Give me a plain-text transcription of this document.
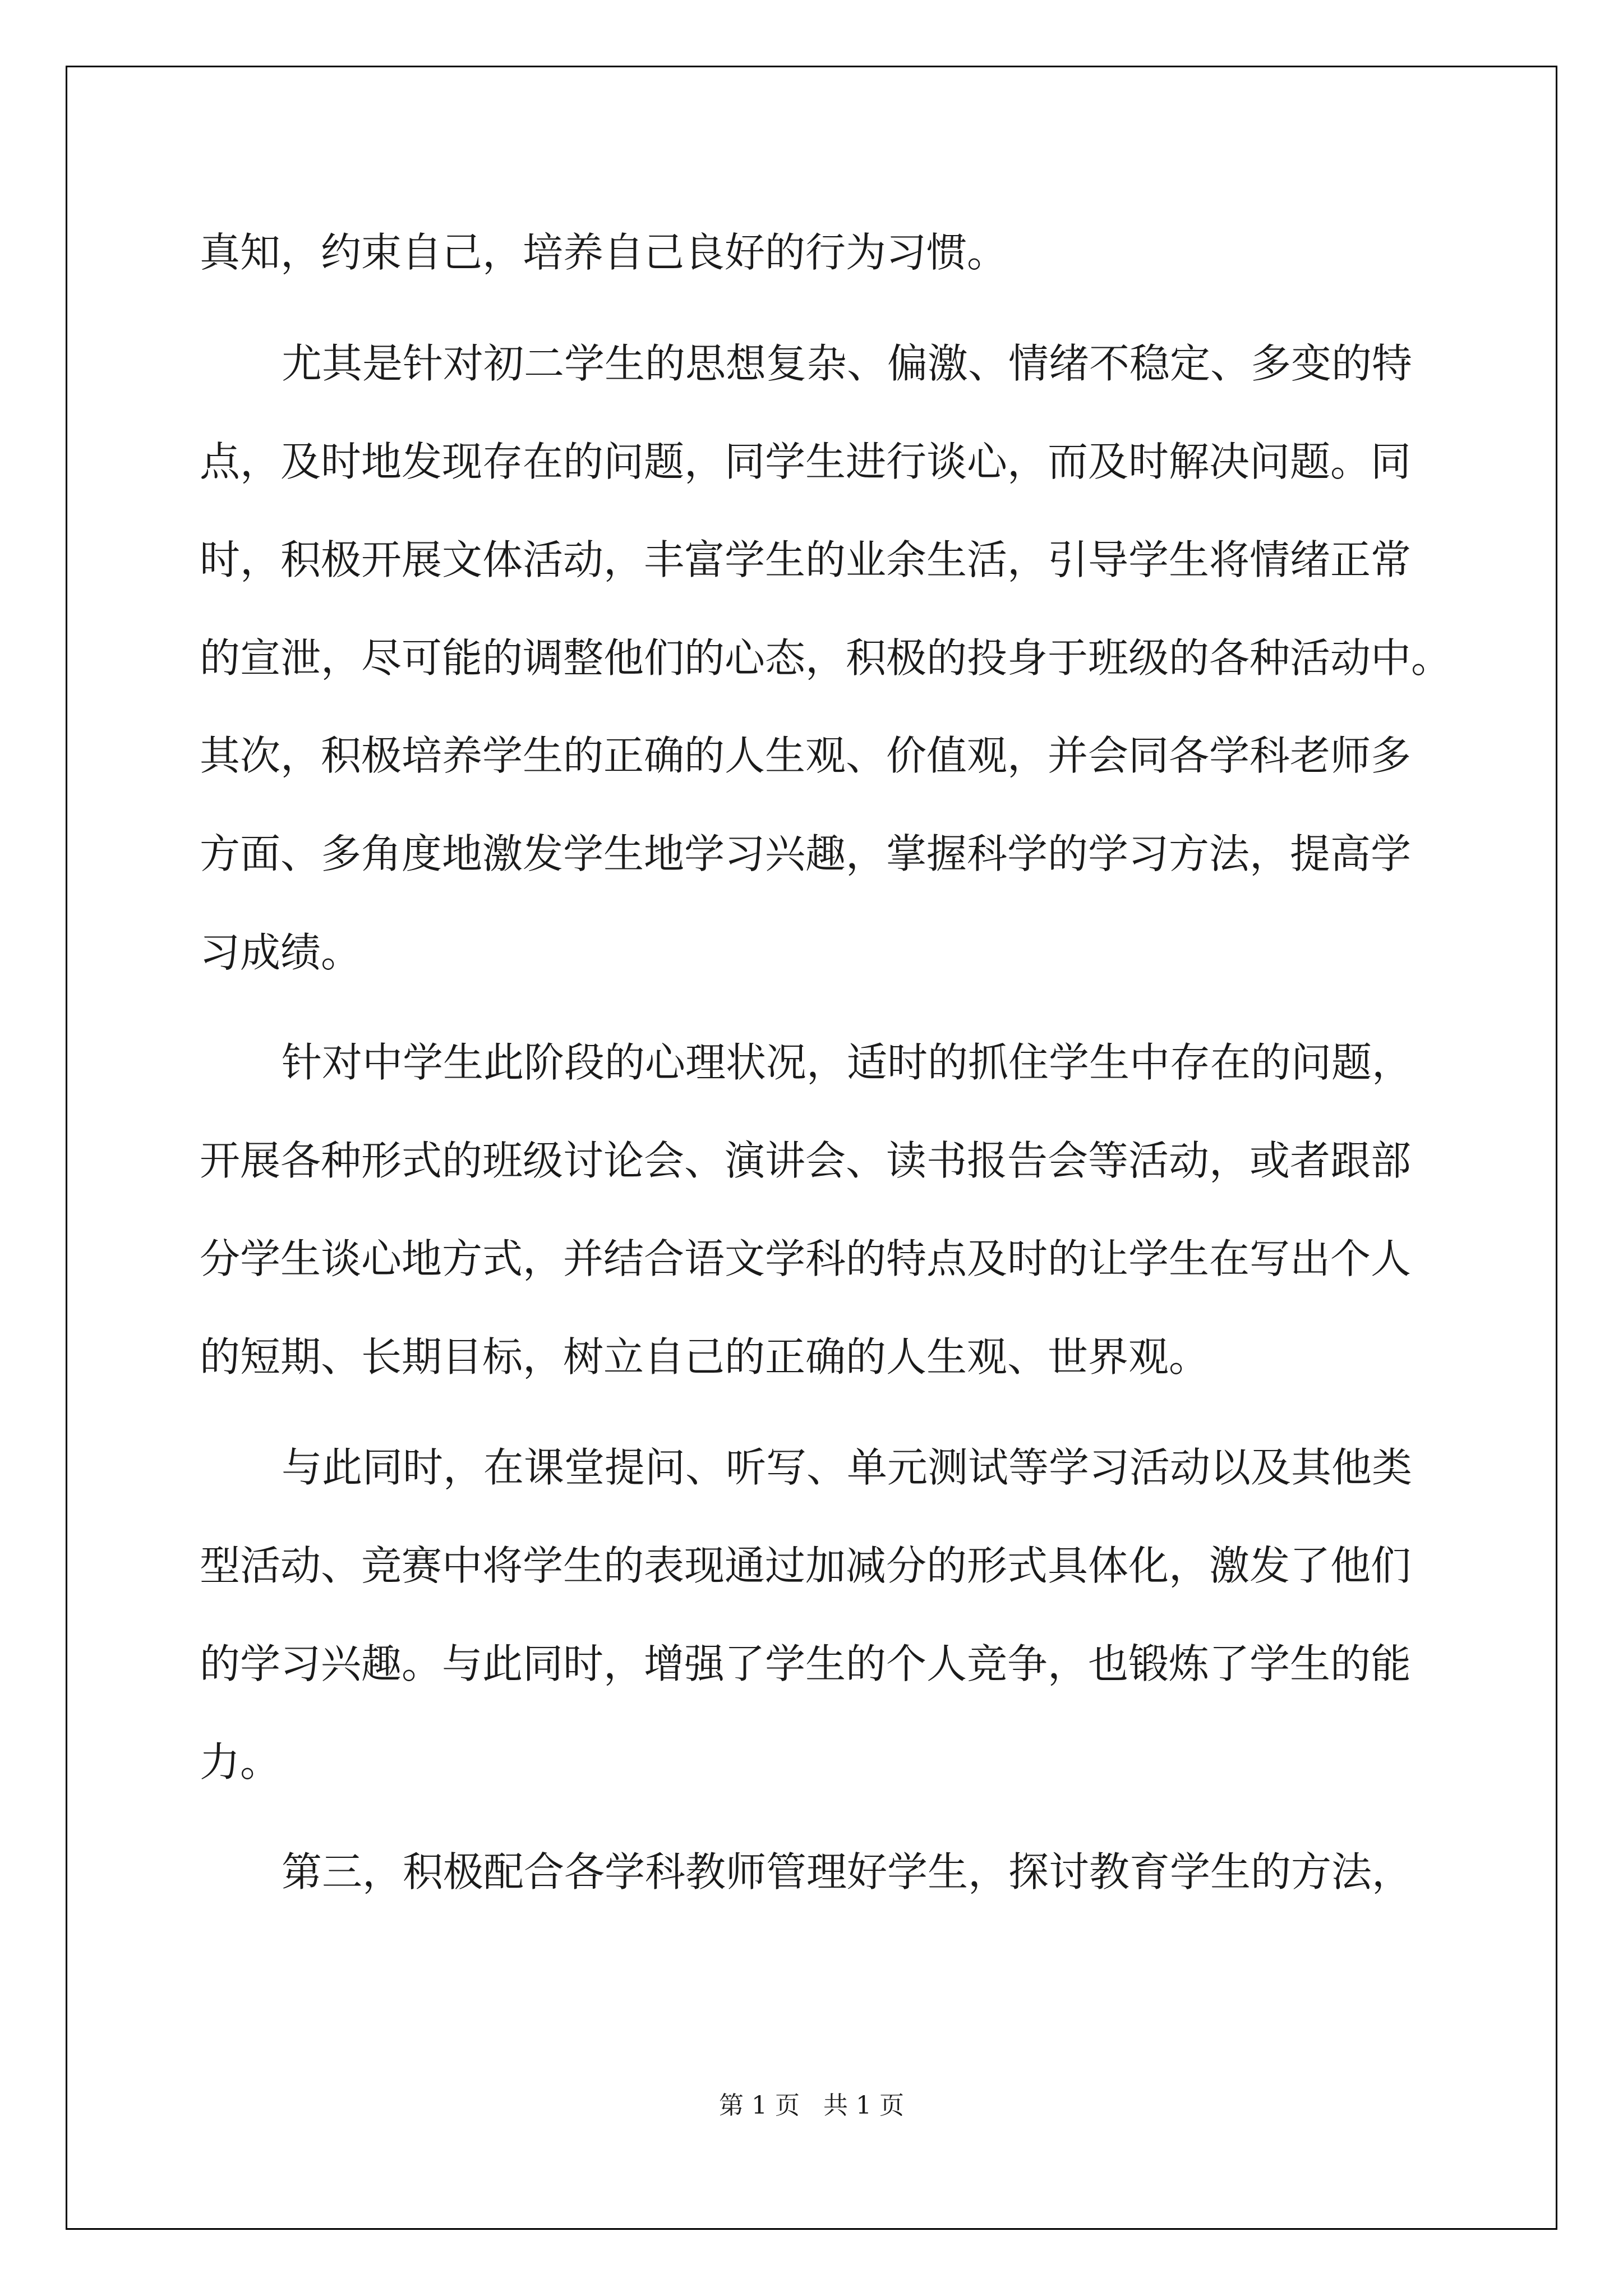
真知，约束自己，培养自己良好的行为习惯。
尤其是针对初二学生的思想复杂、偏激、情绪不稳定、多变的特
点，及时地发现存在的问题，同学生进行谈心，而及时解决问题。同
时，积极开展文体活动，丰富学生的业余生活，引导学生将情绪正常
的宣泄，尽可能的调整他们的心态，积极的投身于班级的各种活动中。
其次，积极培养学生的正确的人生观、价值观，并会同各学科老师多
方面、多角度地激发学生地学习兴趣，掌握科学的学习方法，提高学
习成绩。
针对中学生此阶段的心理状况，适时的抓住学生中存在的问题，
开展各种形式的班级讨论会、演讲会、读书报告会等活动，或者跟部
分学生谈心地方式，并结合语文学科的特点及时的让学生在写出个人
的短期、长期目标，树立自己的正确的人生观、世界观。
与此同时，在课堂提问、听写、单元测试等学习活动以及其他类
型活动、竞赛中将学生的表现通过加减分的形式具体化，激发了他们
的学习兴趣。与此同时，增强了学生的个人竞争，也锻炼了学生的能
力。
第三，积极配合各学科教师管理好学生，探讨教育学生的方法，
第 1 页   共 1 页
